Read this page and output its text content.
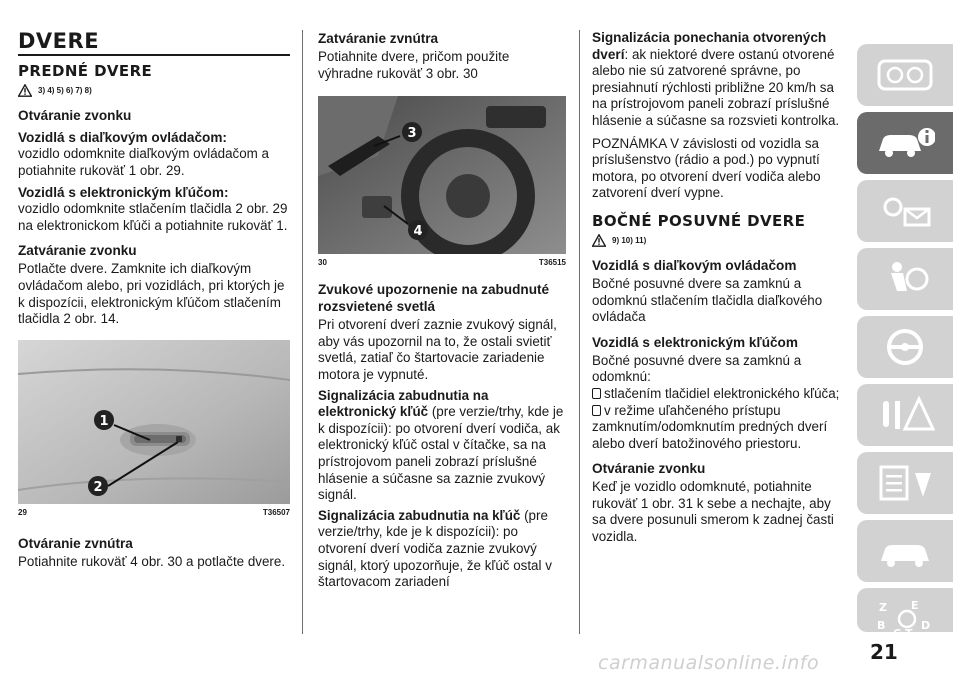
DVERE
PREDNÉ DVERE
3) 4) 5) 6) 7) 8)
Otváranie zvonku
Vozidlá s diaľkovým ovládačom:

vozidlo odomknite diaľkovým ovládačom a potiahnite rukoväť 1 obr. 29.

Vozidlá s elektronickým kľúčom:

vozidlo odomknite stlačením tlačidla 2 obr. 29 na elektronickom kľúči a potiahnite rukoväť 1.

Zatváranie zvonku

Potlačte dvere. Zamknite ich diaľkovým ovládačom alebo, pri vozidlách, pri ktorých je k dispozícii, elektronickým kľúčom stlačením tlačidla 2 obr. 14.

1
2
29	T36507
Otváranie zvnútra

Potiahnite rukoväť 4 obr. 30 a potlačte dvere.

Zatváranie zvnútra

Potiahnite dvere, pričom použite výhradne rukoväť 3 obr. 30

3
4
30	T36515
Zvukové upozornenie na zabudnuté rozsvietené svetlá

Pri otvorení dverí zaznie zvukový signál, aby vás upozornil na to, že ostali svietiť svetlá, zatiaľ čo štartovacie zariadenie motora je vypnuté.

Signalizácia zabudnutia na elektronický kľúč (pre verzie/trhy, kde je k dispozícii): po otvorení dverí vodiča, ak elektronický kľúč ostal v čítačke, sa na prístrojovom paneli zobrazí príslušné hlásenie a súčasne sa zaznie zvukový signál.

Signalizácia zabudnutia na kľúč (pre verzie/trhy, kde je k dispozícii): po otvorení dverí vodiča zaznie zvukový signál, ktorý upozorňuje, že kľúč ostal v štartovacom zariadení

Signalizácia ponechania otvorených dverí: ak niektoré dvere ostanú otvorené alebo nie sú zatvorené správne, po presiahnutí rýchlosti približne 20 km/h sa na prístrojovom paneli zobrazí príslušné hlásenie a súčasne sa rozsvieti kontrolka.

POZNÁMKA V závislosti od vozidla sa príslušenstvo (rádio a pod.) po vypnutí motora, po otvorení dverí vodiča alebo zatvorení dverí vypne.

BOČNÉ POSUVNÉ DVERE
9) 10) 11)
Vozidlá s diaľkovým ovládačom

Bočné posuvné dvere sa zamknú a odomknú stlačením tlačidla diaľkového ovládača

Vozidlá s elektronickým kľúčom

Bočné posuvné dvere sa zamknú a odomknú:

stlačením tlačidiel elektronického kľúča;

v režime uľahčeného prístupu zamknutím/odomknutím predných dverí alebo dverí batožinového priestoru.

Otváranie zvonku

Keď je vozidlo odomknuté, potiahnite rukoväť 1 obr. 31 k sebe a nechajte, aby sa dvere posunuli smerom k zadnej časti vozidla.

Z E
B
C T
D
21
carmanualsonline.info
